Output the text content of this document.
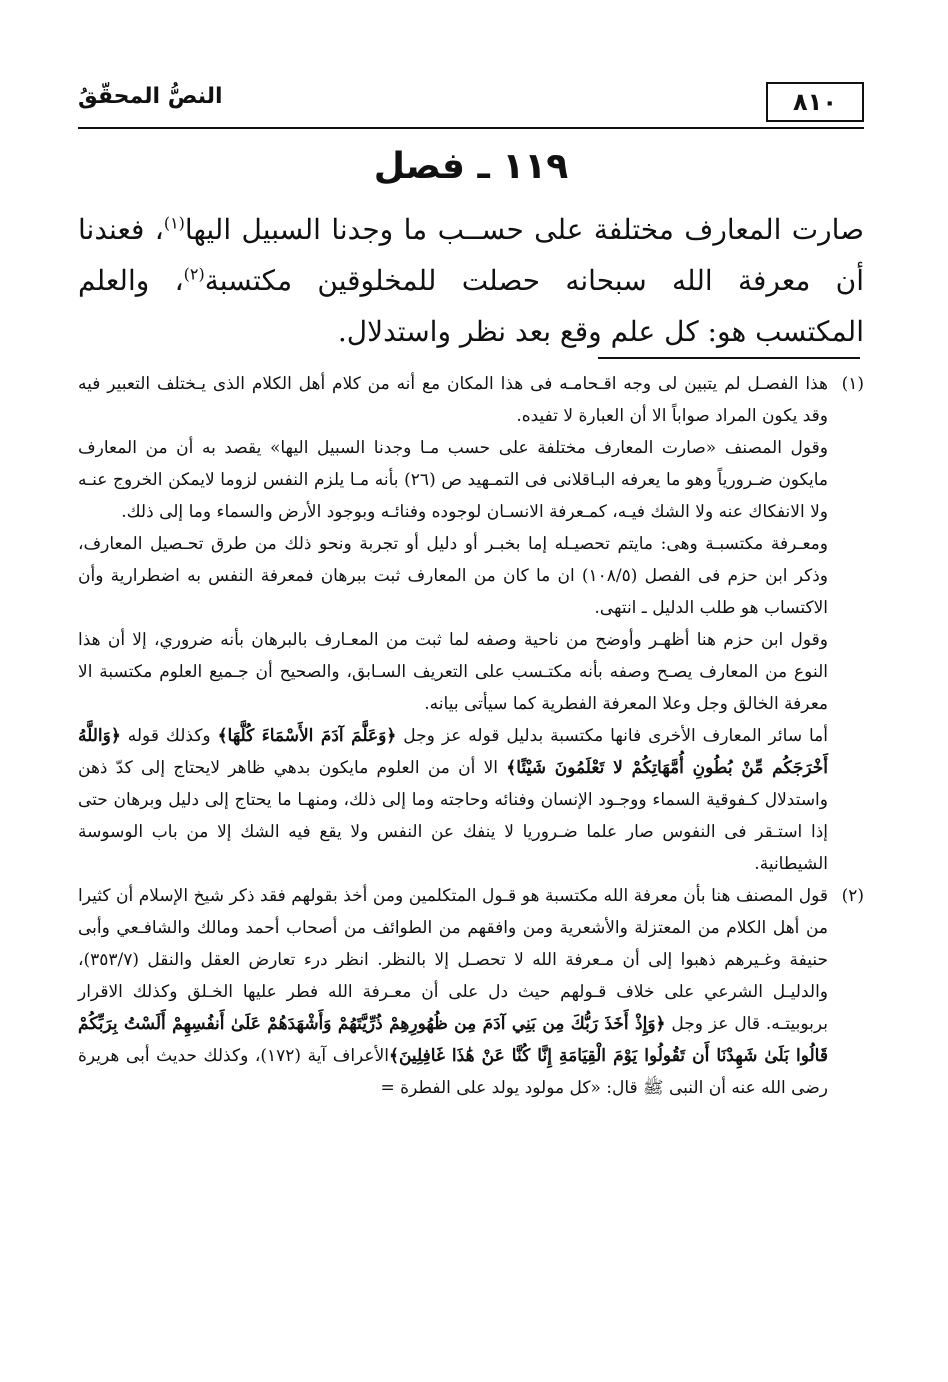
النصُّ المحقّقُ	٨١٠
١١٩ ـ فصل
صارت المعارف مختلفة على حســب ما وجدنا السبيل اليها$^{(١)}$، فعندنا أن معرفة الله سبحانه حصلت للمخلوقين مكتسبة$^{(٢)}$، والعلم المكتسب هو: كل علم وقع بعد نظر واستدلال.
(١)

هذا الفصـل لم يتبين لى وجه اقـحامـه فى هذا المكان مع أنه من كلام أهل الكلام الذى يـختلف التعبير فيه وقد يكون المراد صواباً الا أن العبارة لا تفيده.

وقول المصنف «صارت المعارف مختلفة على حسب مـا وجدنا السبيل اليها» يقصد به أن من المعارف مايكون ضـرورياً وهو ما يعرفه البـاقلانى فى التمـهيد ص (٢٦) بأنه مـا يلزم النفس لزوما لايمكن الخروج عنـه ولا الانفكاك عنه ولا الشك فيـه، كمـعرفة الانسـان لوجوده وفنائـه وبوجود الأرض والسماء وما إلى ذلك.

ومعـرفة مكتسبـة وهى: مايتم تحصيـله إما بخبـر أو دليل أو تجربة ونحو ذلك من طرق تحـصيل المعارف، وذكر ابن حزم فى الفصل (١٠٨/٥) ان ما كان من المعارف ثبت ببرهان فمعرفة النفس به اضطرارية وأن الاكتساب هو طلب الدليل ـ انتهى.

وقول ابن حزم هنا أظهـر وأوضح من ناحية وصفه لما ثبت من المعـارف بالبرهان بأنه ضروري، إلا أن هذا النوع من المعارف يصـح وصفه بأنه مكتـسب على التعريف السـابق، والصحيح أن جـميع العلوم مكتسبة الا معرفة الخالق وجل وعلا المعرفة الفطرية كما سيأتى بيانه.

أما سائر المعارف الأخرى فانها مكتسبة بدليل قوله عز وجل ﴿وَعَلَّمَ آدَمَ الأَسْمَاءَ كُلَّهَا﴾ وكذلك قوله ﴿وَاللَّهُ أَخْرَجَكُم مِّنْ بُطُونِ أُمَّهَاتِكُمْ لا تَعْلَمُونَ شَيْئًا﴾ الا أن من العلوم مايكون بدهي ظاهر لايحتاج إلى كدّ ذهن واستدلال كـفوقية السماء ووجـود الإنسان وفنائه وحاجته وما إلى ذلك، ومنهـا ما يحتاج إلى دليل وبرهان حتى إذا استـقر فى النفوس صار علما ضـروريا لا ينفك عن النفس ولا يقع فيه الشك إلا من باب الوسوسة الشيطانية.

(٢)

قول المصنف هنا بأن معرفة الله مكتسبة هو قـول المتكلمين ومن أخذ بقولهم فقد ذكر شيخ الإسلام أن كثيرا من أهل الكلام من المعتزلة والأشعرية ومن وافقهم من الطوائف من أصحاب أحمد ومالك والشافـعي وأبى حنيفة وغـيرهم ذهبوا إلى أن مـعرفة الله لا تحصـل إلا بالنظر. انظر درء تعارض العقل والنقل (٣٥٣/٧)، والدليـل الشرعي على خلاف قـولهم حيث دل على أن معـرفة الله فطر عليها الخـلق وكذلك الاقرار بربوبيتـه. قال عز وجل ﴿وَإِذْ أَخَذَ رَبُّكَ مِن بَنِي آدَمَ مِن ظُهُورِهِمْ ذُرِّيَّتَهُمْ وَأَشْهَدَهُمْ عَلَىٰ أَنفُسِهِمْ أَلَسْتُ بِرَبِّكُمْ قَالُوا بَلَىٰ شَهِدْنَا أَن تَقُولُوا يَوْمَ الْقِيَامَةِ إِنَّا كُنَّا عَنْ هَٰذَا غَافِلِينَ﴾الأعراف آية (١٧٢)، وكذلك حديث أبى هريرة رضى الله عنه أن النبى ﷺ قال: «كل مولود يولد على الفطرة =
